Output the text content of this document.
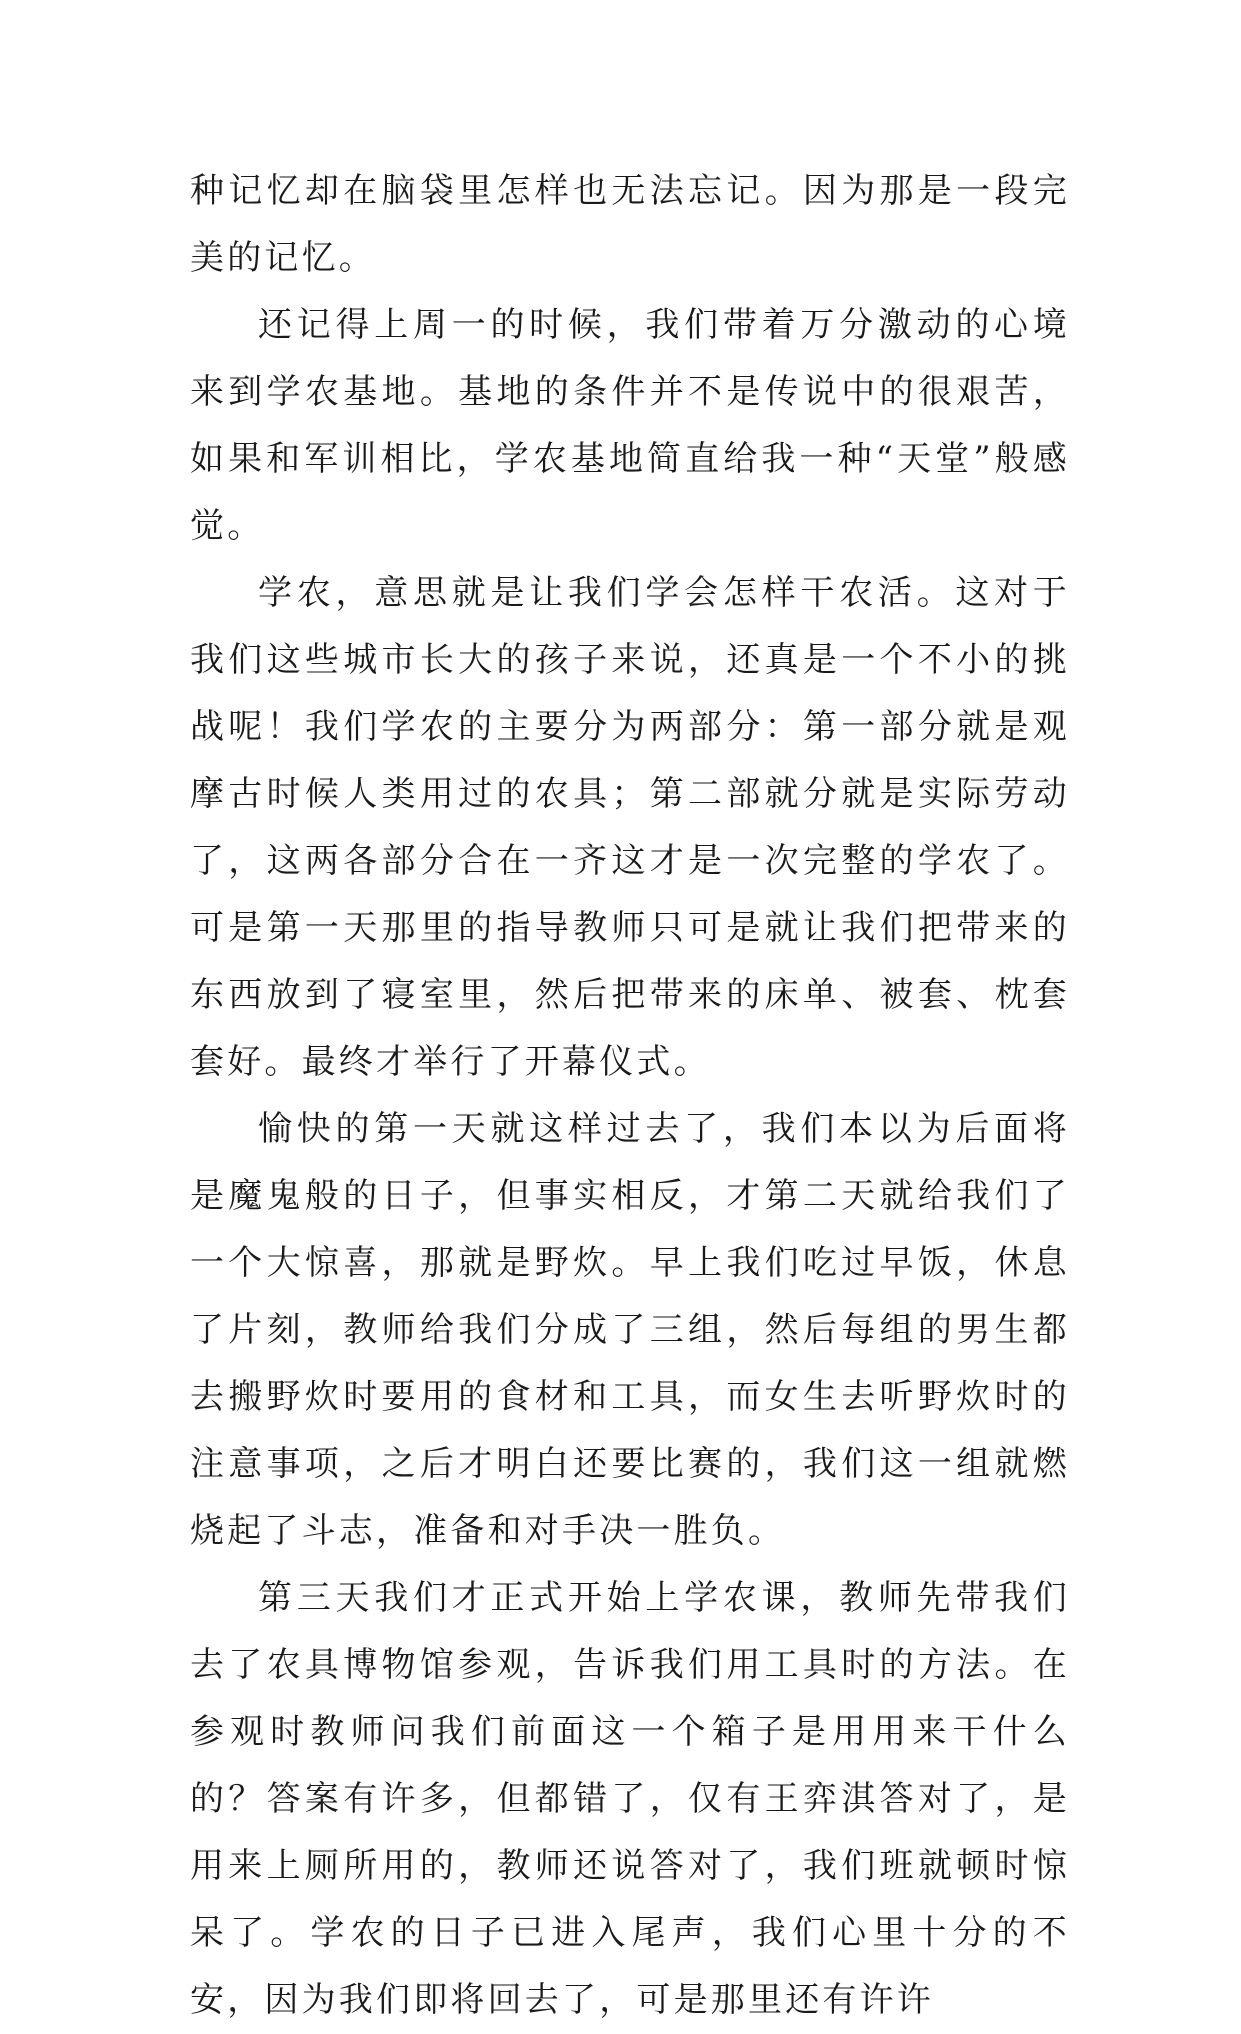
种记忆却在脑袋里怎样也无法忘记。因为那是一段完美的记忆。

还记得上周一的时候，我们带着万分激动的心境来到学农基地。基地的条件并不是传说中的很艰苦，如果和军训相比，学农基地简直给我一种“天堂”般感觉。

学农，意思就是让我们学会怎样干农活。这对于我们这些城市长大的孩子来说，还真是一个不小的挑战呢！我们学农的主要分为两部分：第一部分就是观摩古时候人类用过的农具；第二部就分就是实际劳动了，这两各部分合在一齐这才是一次完整的学农了。可是第一天那里的指导教师只可是就让我们把带来的东西放到了寝室里，然后把带来的床单、被套、枕套套好。最终才举行了开幕仪式。

愉快的第一天就这样过去了，我们本以为后面将是魔鬼般的日子，但事实相反，才第二天就给我们了一个大惊喜，那就是野炊。早上我们吃过早饭，休息了片刻，教师给我们分成了三组，然后每组的男生都去搬野炊时要用的食材和工具，而女生去听野炊时的注意事项，之后才明白还要比赛的，我们这一组就燃烧起了斗志，准备和对手决一胜负。

第三天我们才正式开始上学农课，教师先带我们去了农具博物馆参观，告诉我们用工具时的方法。在参观时教师问我们前面这一个箱子是用用来干什么的？答案有许多，但都错了，仅有王弈淇答对了，是用来上厕所用的，教师还说答对了，我们班就顿时惊呆了。学农的日子已进入尾声，我们心里十分的不安，因为我们即将回去了，可是那里还有许许
